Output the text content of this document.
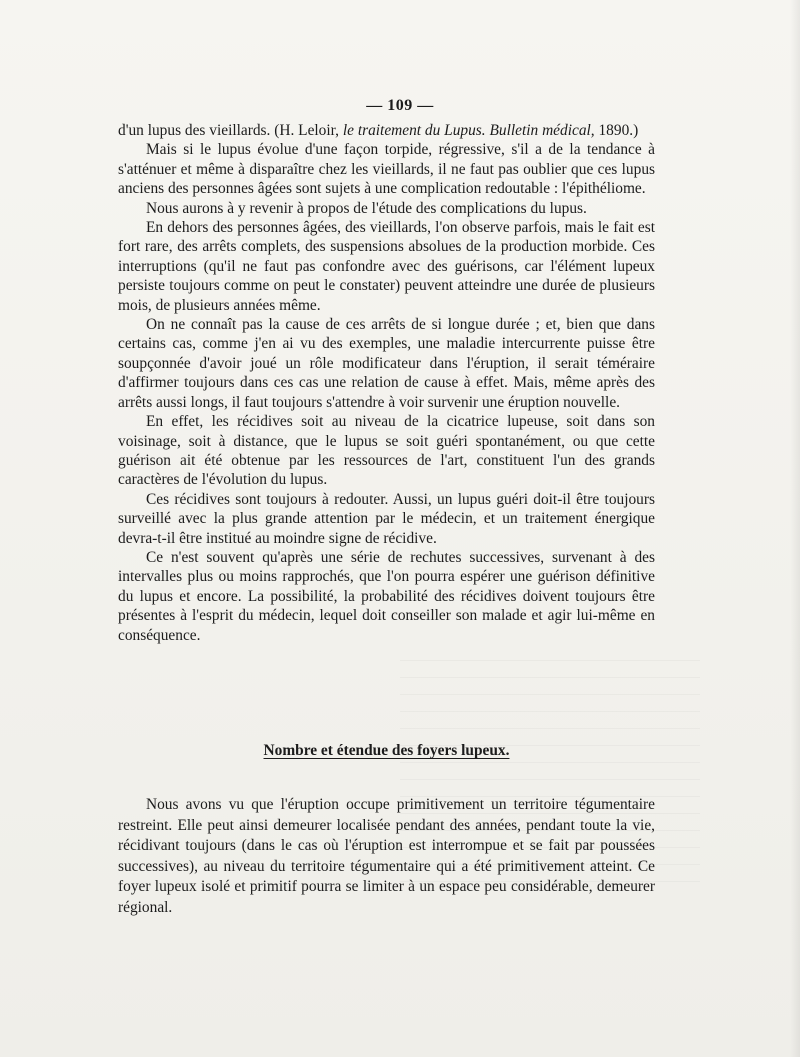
— 109 —

d'un lupus des vieillards. (H. Leloir, le traitement du Lupus. Bulletin médical, 1890.)

Mais si le lupus évolue d'une façon torpide, régressive, s'il a de la tendance à s'atténuer et même à disparaître chez les vieillards, il ne faut pas oublier que ces lupus anciens des personnes âgées sont sujets à une complication redoutable : l'épithéliome.

Nous aurons à y revenir à propos de l'étude des complications du lupus.

En dehors des personnes âgées, des vieillards, l'on observe parfois, mais le fait est fort rare, des arrêts complets, des suspensions absolues de la production morbide. Ces interruptions (qu'il ne faut pas confondre avec des guérisons, car l'élément lupeux persiste toujours comme on peut le constater) peuvent atteindre une durée de plusieurs mois, de plusieurs années même.

On ne connaît pas la cause de ces arrêts de si longue durée ; et, bien que dans certains cas, comme j'en ai vu des exemples, une maladie intercurrente puisse être soupçonnée d'avoir joué un rôle modificateur dans l'éruption, il serait téméraire d'affirmer toujours dans ces cas une relation de cause à effet. Mais, même après des arrêts aussi longs, il faut toujours s'attendre à voir survenir une éruption nouvelle.

En effet, les récidives soit au niveau de la cicatrice lupeuse, soit dans son voisinage, soit à distance, que le lupus se soit guéri spontanément, ou que cette guérison ait été obtenue par les ressources de l'art, constituent l'un des grands caractères de l'évolution du lupus.

Ces récidives sont toujours à redouter. Aussi, un lupus guéri doit-il être toujours surveillé avec la plus grande attention par le médecin, et un traitement énergique devra-t-il être institué au moindre signe de récidive.

Ce n'est souvent qu'après une série de rechutes successives, survenant à des intervalles plus ou moins rapprochés, que l'on pourra espérer une guérison définitive du lupus et encore. La possibilité, la probabilité des récidives doivent toujours être présentes à l'esprit du médecin, lequel doit conseiller son malade et agir lui-même en conséquence.

Nombre et étendue des foyers lupeux.

Nous avons vu que l'éruption occupe primitivement un territoire tégumentaire restreint. Elle peut ainsi demeurer localisée pendant des années, pendant toute la vie, récidivant toujours (dans le cas où l'éruption est interrompue et se fait par poussées successives), au niveau du territoire tégumentaire qui a été primitivement atteint. Ce foyer lupeux isolé et primitif pourra se limiter à un espace peu considérable, demeurer régional.
